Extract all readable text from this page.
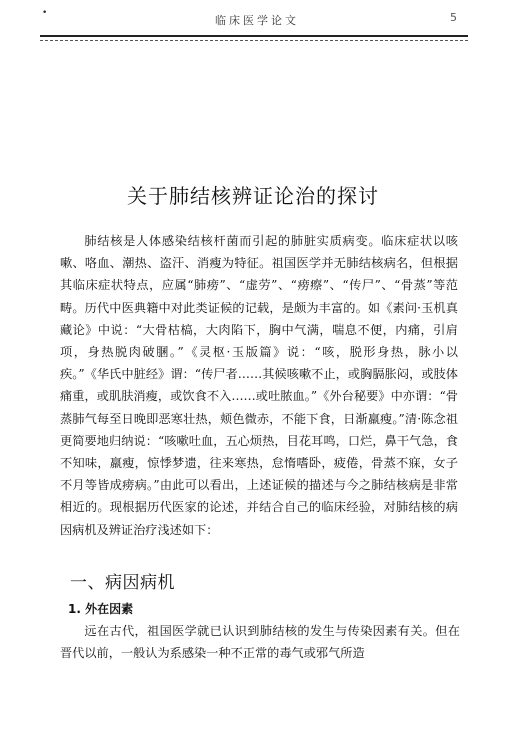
•
临床医学论文	5
关于肺结核辨证论治的探讨

肺结核是人体感染结核杆菌而引起的肺脏实质病变。临床症状以咳嗽、咯血、潮热、盗汗、消瘦为特征。祖国医学并无肺结核病名，但根据其临床症状特点，应属“肺痨”、“虚劳”、“痨瘵”、“传尸”、“骨蒸”等范畴。历代中医典籍中对此类证候的记载，是颇为丰富的。如《素问·玉机真藏论》中说：“大骨枯槁，大肉陷下，胸中气满，喘息不便，内痛，引肩项，身热脱肉破䐃。”《灵枢·玉版篇》说：“咳，脱形身热，脉小以疾。”《华氏中脏经》谓：“传尸者……其候咳嗽不止，或胸膈胀闷，或肢体痛重，或肌肤消瘦，或饮食不入……或吐脓血。”《外台秘要》中亦谓：“骨蒸肺气每至日晚即恶寒壮热，颊色微赤，不能下食，日渐羸瘦。”清·陈念祖更简要地归纳说：“咳嗽吐血，五心烦热，目花耳鸣，口烂，鼻干气急，食不知味，羸瘦，惊悸梦遗，往来寒热，怠惰嗜卧，疲倦，骨蒸不寐，女子不月等皆成痨病。”由此可以看出，上述证候的描述与今之肺结核病是非常相近的。现根据历代医家的论述，并结合自己的临床经验，对肺结核的病因病机及辨证治疗浅述如下：

一、病因病机
1. 外在因素

远在古代，祖国医学就已认识到肺结核的发生与传染因素有关。但在晋代以前，一般认为系感染一种不正常的毒气或邪气所造
